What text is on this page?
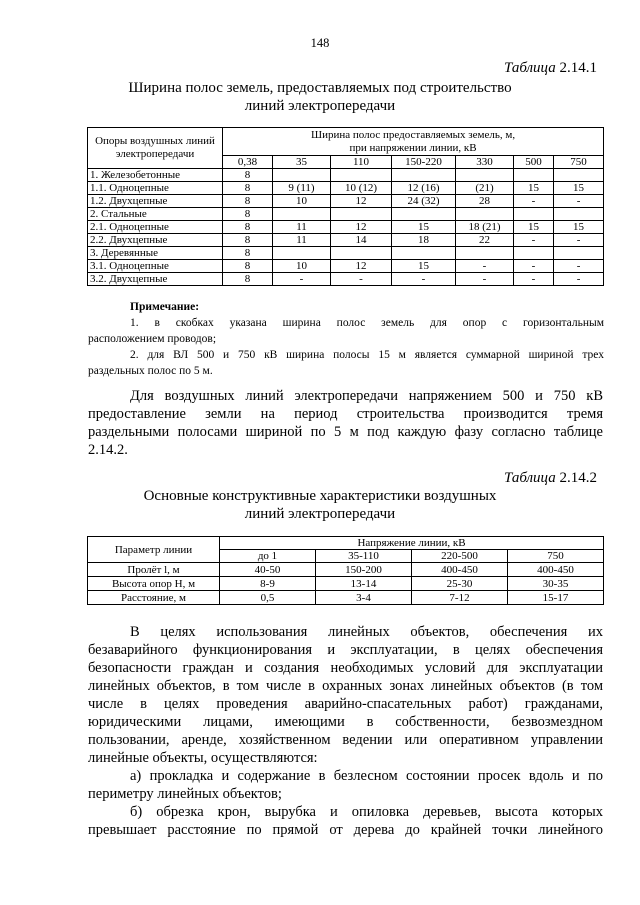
148
Таблица 2.14.1
Ширина полос земель, предоставляемых под строительство
линий электропередачи
Опоры воздушных линий электропередачи	Ширина полос предоставляемых земель, м,
при напряжении линии, кВ						
	0,38	35	110	150-220	330	500	750
1. Железобетонные	8						
1.1. Одноцепные	8	9 (11)	10 (12)	12 (16)	(21)	15	15
1.2. Двухцепные	8	10	12	24 (32)	28	-	-
2. Стальные	8						
2.1. Одноцепные	8	11	12	15	18 (21)	15	15
2.2. Двухцепные	8	11	14	18	22	-	-
3. Деревянные	8						
3.1. Одноцепные	8	10	12	15	-	-	-
3.2. Двухцепные	8	-	-	-	-	-	-
Примечание:
1. в скобках указана ширина полос земель для опор с горизонтальным
расположением проводов;
2. для ВЛ 500 и 750 кВ ширина полосы 15 м является суммарной шириной трех
раздельных полос по 5 м.
Для воздушных линий электропередачи напряжением 500 и 750 кВ
предоставление земли на период строительства производится тремя
раздельными полосами шириной по 5 м под каждую фазу согласно таблице
2.14.2.
Таблица 2.14.2
Основные конструктивные характеристики воздушных
линий электропередачи
Параметр линии	Напряжение линии, кВ			
	до 1	35-110	220-500	750
Пролёт l, м	40-50	150-200	400-450	400-450
Высота опор Н, м	8-9	13-14	25-30	30-35
Расстояние, м	0,5	3-4	7-12	15-17
В целях использования линейных объектов, обеспечения их
безаварийного функционирования и эксплуатации, в целях обеспечения
безопасности граждан и создания необходимых условий для эксплуатации
линейных объектов, в том числе в охранных зонах линейных объектов (в том
числе в целях проведения аварийно-спасательных работ) гражданами,
юридическими лицами, имеющими в собственности, безвозмездном
пользовании, аренде, хозяйственном ведении или оперативном управлении
линейные объекты, осуществляются:
а) прокладка и содержание в безлесном состоянии просек вдоль и по
периметру линейных объектов;
б) обрезка крон, вырубка и опиловка деревьев, высота которых
превышает расстояние по прямой от дерева до крайней точки линейного
